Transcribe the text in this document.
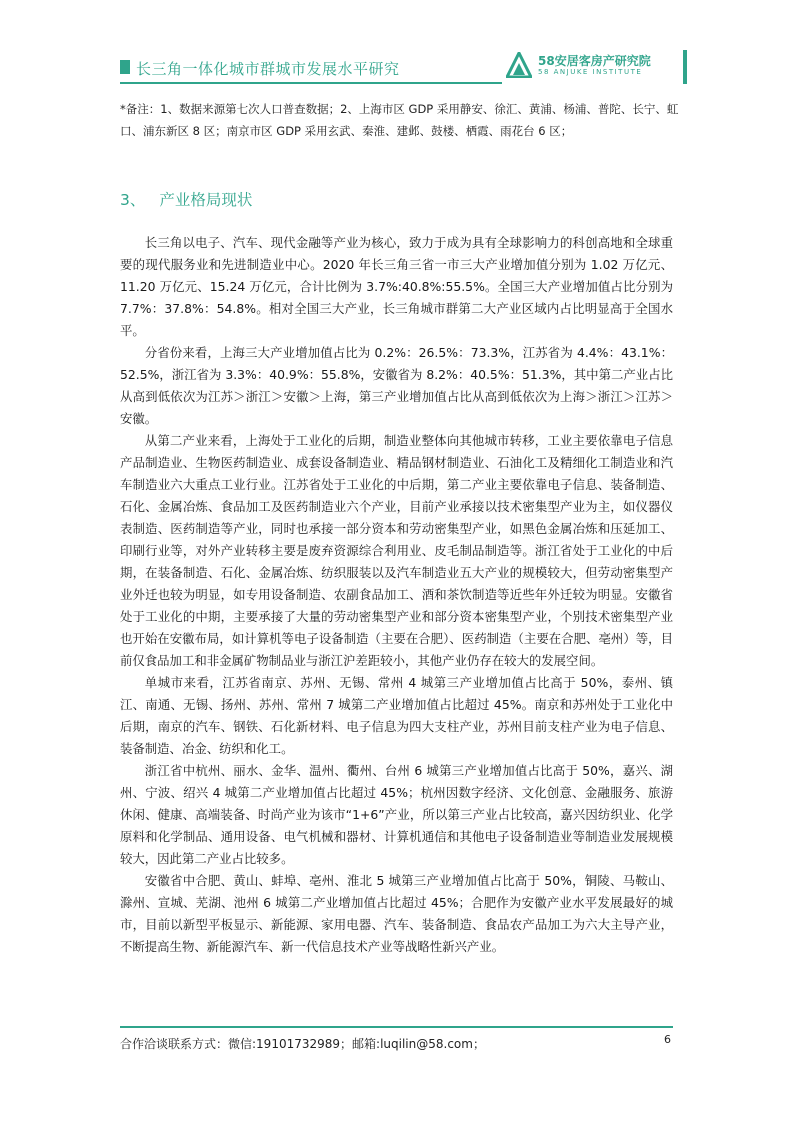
长三角一体化城市群城市发展水平研究	58安居客房产研究院
58 ANJUKE INSTITUTE
*备注：1、数据来源第七次人口普查数据；2、上海市区 GDP 采用静安、徐汇、黄浦、杨浦、普陀、长宁、虹口、浦东新区 8 区；南京市区 GDP 采用玄武、秦淮、建邺、鼓楼、栖霞、雨花台 6 区；
3、 产业格局现状

长三角以电子、汽车、现代金融等产业为核心，致力于成为具有全球影响力的科创高地和全球重要的现代服务业和先进制造业中心。2020 年长三角三省一市三大产业增加值分别为 1.02 万亿元、11.20 万亿元、15.24 万亿元，合计比例为 3.7%:40.8%:55.5%。全国三大产业增加值占比分别为 7.7%：37.8%：54.8%。相对全国三大产业，长三角城市群第二大产业区域内占比明显高于全国水平。

分省份来看，上海三大产业增加值占比为 0.2%：26.5%：73.3%，江苏省为 4.4%：43.1%：52.5%，浙江省为 3.3%：40.9%：55.8%，安徽省为 8.2%：40.5%：51.3%，其中第二产业占比从高到低依次为江苏＞浙江＞安徽＞上海，第三产业增加值占比从高到低依次为上海＞浙江＞江苏＞安徽。

从第二产业来看，上海处于工业化的后期，制造业整体向其他城市转移，工业主要依靠电子信息产品制造业、生物医药制造业、成套设备制造业、精品钢材制造业、石油化工及精细化工制造业和汽车制造业六大重点工业行业。江苏省处于工业化的中后期，第二产业主要依靠电子信息、装备制造、石化、金属冶炼、食品加工及医药制造业六个产业，目前产业承接以技术密集型产业为主，如仪器仪表制造、医药制造等产业，同时也承接一部分资本和劳动密集型产业，如黑色金属冶炼和压延加工、印刷行业等，对外产业转移主要是废弃资源综合利用业、皮毛制品制造等。浙江省处于工业化的中后期，在装备制造、石化、金属冶炼、纺织服装以及汽车制造业五大产业的规模较大，但劳动密集型产业外迁也较为明显，如专用设备制造、农副食品加工、酒和茶饮制造等近些年外迁较为明显。安徽省处于工业化的中期，主要承接了大量的劳动密集型产业和部分资本密集型产业，个别技术密集型产业也开始在安徽布局，如计算机等电子设备制造（主要在合肥）、医药制造（主要在合肥、亳州）等，目前仅食品加工和非金属矿物制品业与浙江沪差距较小，其他产业仍存在较大的发展空间。

单城市来看，江苏省南京、苏州、无锡、常州 4 城第三产业增加值占比高于 50%，泰州、镇江、南通、无锡、扬州、苏州、常州 7 城第二产业增加值占比超过 45%。南京和苏州处于工业化中后期，南京的汽车、钢铁、石化新材料、电子信息为四大支柱产业，苏州目前支柱产业为电子信息、装备制造、冶金、纺织和化工。

浙江省中杭州、丽水、金华、温州、衢州、台州 6 城第三产业增加值占比高于 50%，嘉兴、湖州、宁波、绍兴 4 城第二产业增加值占比超过 45%；杭州因数字经济、文化创意、金融服务、旅游休闲、健康、高端装备、时尚产业为该市“1+6”产业，所以第三产业占比较高，嘉兴因纺织业、化学原料和化学制品、通用设备、电气机械和器材、计算机通信和其他电子设备制造业等制造业发展规模较大，因此第二产业占比较多。

安徽省中合肥、黄山、蚌埠、亳州、淮北 5 城第三产业增加值占比高于 50%，铜陵、马鞍山、滁州、宣城、芜湖、池州 6 城第二产业增加值占比超过 45%；合肥作为安徽产业水平发展最好的城市，目前以新型平板显示、新能源、家用电器、汽车、装备制造、食品农产品加工为六大主导产业，不断提高生物、新能源汽车、新一代信息技术产业等战略性新兴产业。

合作洽谈联系方式：微信:19101732989；邮箱:luqilin@58.com；	6
